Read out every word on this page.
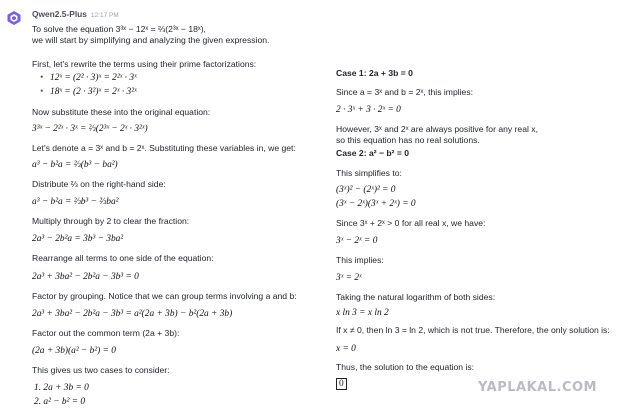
Qwen2.5-Plus 12:17 PM
To solve the equation 3³ˣ − 12ˣ = ⅔(2³ˣ − 18ˣ),
we will start by simplifying and analyzing the given expression.
First, let's rewrite the terms using their prime factorizations:
• 12ˣ = (2² · 3)ˣ = 2²ˣ · 3ˣ
• 18ˣ = (2 · 3²)ˣ = 2ˣ · 3²ˣ
Now substitute these into the original equation:
3³ˣ − 2²ˣ · 3ˣ = ⅔(2³ˣ − 2ˣ · 3²ˣ)
Let's denote a = 3ˣ and b = 2ˣ. Substituting these variables in, we get:
a³ − b²a = ⅔(b³ − ba²)
Distribute ⅔ on the right-hand side:
a³ − b²a = ⅔b³ − ⅔ba²
Multiply through by 2 to clear the fraction:
2a³ − 2b²a = 3b³ − 3ba²
Rearrange all terms to one side of the equation:
2a³ + 3ba² − 2b²a − 3b³ = 0
Factor by grouping. Notice that we can group terms involving a and b:
2a³ + 3ba² − 2b²a − 3b³ = a²(2a + 3b) − b²(2a + 3b)
Factor out the common term (2a + 3b):
(2a + 3b)(a² − b²) = 0
This gives us two cases to consider:
1. 2a + 3b = 0
2. a² − b² = 0
Case 1: 2a + 3b = 0
Since a = 3ˣ and b = 2ˣ, this implies:
2 · 3ˣ + 3 · 2ˣ = 0
However, 3ˣ and 2ˣ are always positive for any real x,
so this equation has no real solutions.
Case 2: a² − b² = 0
This simplifies to:
(3ˣ)² − (2ˣ)² = 0
(3ˣ − 2ˣ)(3ˣ + 2ˣ) = 0
Since 3ˣ + 2ˣ > 0 for all real x, we have:
3ˣ − 2ˣ = 0
This implies:
3ˣ = 2ˣ
Taking the natural logarithm of both sides:
x ln 3 = x ln 2
If x ≠ 0, then ln 3 = ln 2, which is not true. Therefore, the only solution is:
x = 0
Thus, the solution to the equation is:
0	YAPLAKAL.COM
